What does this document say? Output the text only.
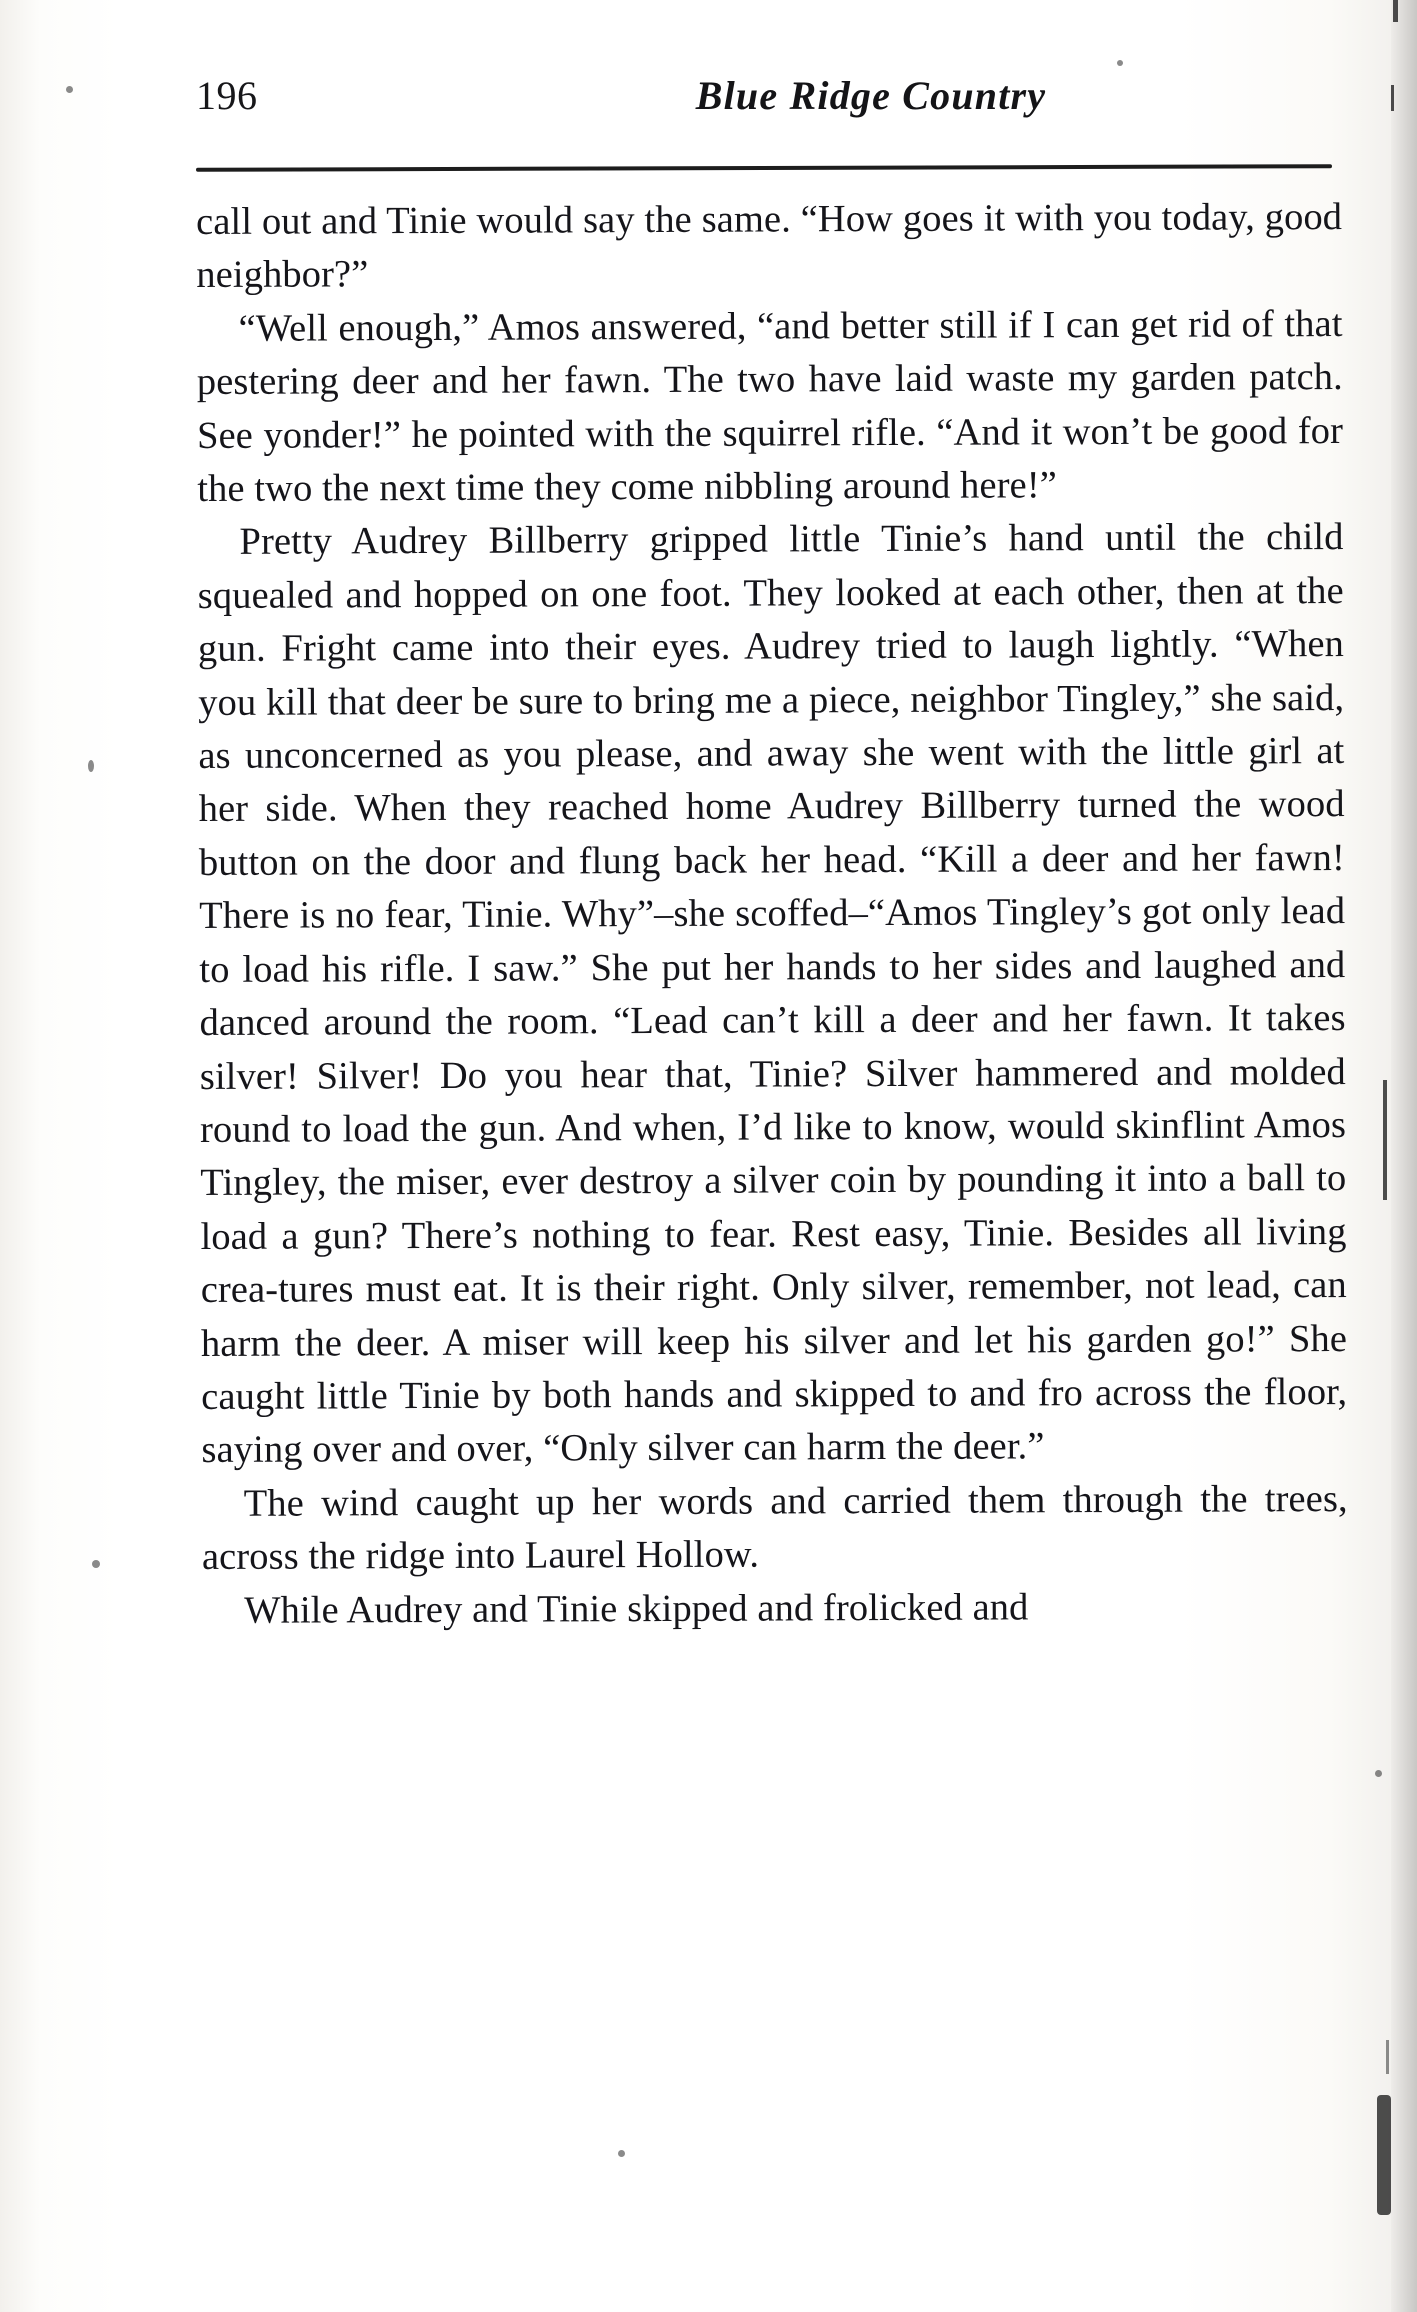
196	Blue Ridge Country

call out and Tinie would say the same. “How goes it with you today, good neighbor?”

“Well enough,” Amos answered, “and better still if I can get rid of that pestering deer and her fawn. The two have laid waste my garden patch. See yonder!” he pointed with the squirrel rifle. “And it won’t be good for the two the next time they come nibbling around here!”

Pretty Audrey Billberry gripped little Tinie’s hand until the child squealed and hopped on one foot. They looked at each other, then at the gun. Fright came into their eyes. Audrey tried to laugh lightly. “When you kill that deer be sure to bring me a piece, neighbor Tingley,” she said, as unconcerned as you please, and away she went with the little girl at her side. When they reached home Audrey Billberry turned the wood button on the door and flung back her head. “Kill a deer and her fawn! There is no fear, Tinie. Why”–she scoffed–“Amos Tingley’s got only lead to load his rifle. I saw.” She put her hands to her sides and laughed and danced around the room. “Lead can’t kill a deer and her fawn. It takes silver! Silver! Do you hear that, Tinie? Silver hammered and molded round to load the gun. And when, I’d like to know, would skinflint Amos Tingley, the miser, ever destroy a silver coin by pounding it into a ball to load a gun? There’s nothing to fear. Rest easy, Tinie. Besides all living crea-tures must eat. It is their right. Only silver, remember, not lead, can harm the deer. A miser will keep his silver and let his garden go!” She caught little Tinie by both hands and skipped to and fro across the floor, saying over and over, “Only silver can harm the deer.”

The wind caught up her words and carried them through the trees, across the ridge into Laurel Hollow.

While Audrey and Tinie skipped and frolicked and
